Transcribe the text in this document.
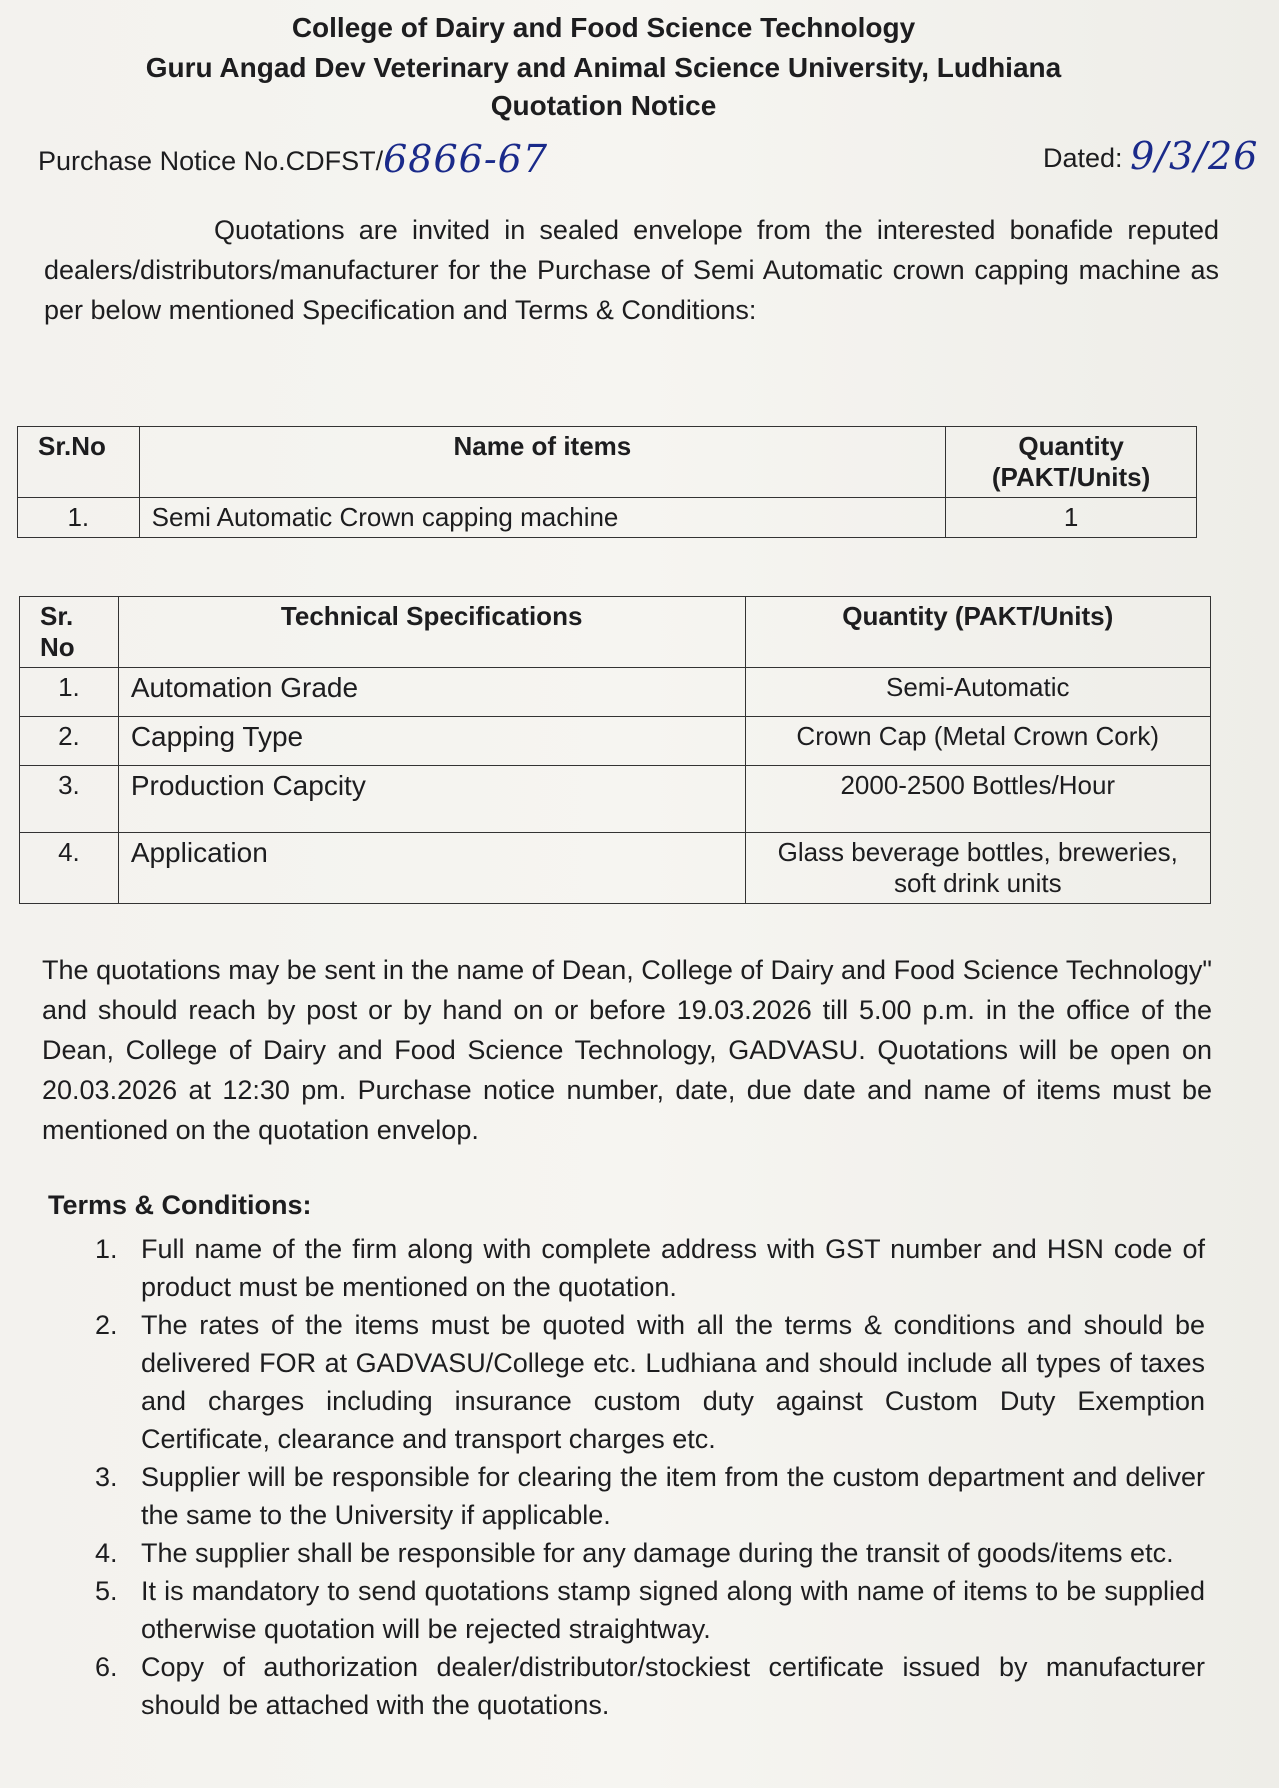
College of Dairy and Food Science Technology
Guru Angad Dev Veterinary and Animal Science University, Ludhiana
Quotation Notice
Purchase Notice No.CDFST/6866-67	Dated: 9/3/26
Quotations are invited in sealed envelope from the interested bonafide reputed dealers/distributors/manufacturer for the Purchase of Semi Automatic crown capping machine as per below mentioned Specification and Terms & Conditions:
Sr.No	Name of items	Quantity (PAKT/Units)
1.	Semi Automatic Crown capping machine	1
Sr. No	Technical Specifications	Quantity (PAKT/Units)
1.	Automation Grade	Semi-Automatic
2.	Capping Type	Crown Cap (Metal Crown Cork)
3.	Production Capcity	2000-2500 Bottles/Hour
4.	Application	Glass beverage bottles, breweries, soft drink units
The quotations may be sent in the name of Dean, College of Dairy and Food Science Technology" and should reach by post or by hand on or before 19.03.2026 till 5.00 p.m. in the office of the Dean, College of Dairy and Food Science Technology, GADVASU. Quotations will be open on 20.03.2026 at 12:30 pm. Purchase notice number, date, due date and name of items must be mentioned on the quotation envelop.
Terms & Conditions:
1. Full name of the firm along with complete address with GST number and HSN code of product must be mentioned on the quotation.
2. The rates of the items must be quoted with all the terms & conditions and should be delivered FOR at GADVASU/College etc. Ludhiana and should include all types of taxes and charges including insurance custom duty against Custom Duty Exemption Certificate, clearance and transport charges etc.
3. Supplier will be responsible for clearing the item from the custom department and deliver the same to the University if applicable.
4. The supplier shall be responsible for any damage during the transit of goods/items etc.
5. It is mandatory to send quotations stamp signed along with name of items to be supplied otherwise quotation will be rejected straightway.
6. Copy of authorization dealer/distributor/stockiest certificate issued by manufacturer should be attached with the quotations.
